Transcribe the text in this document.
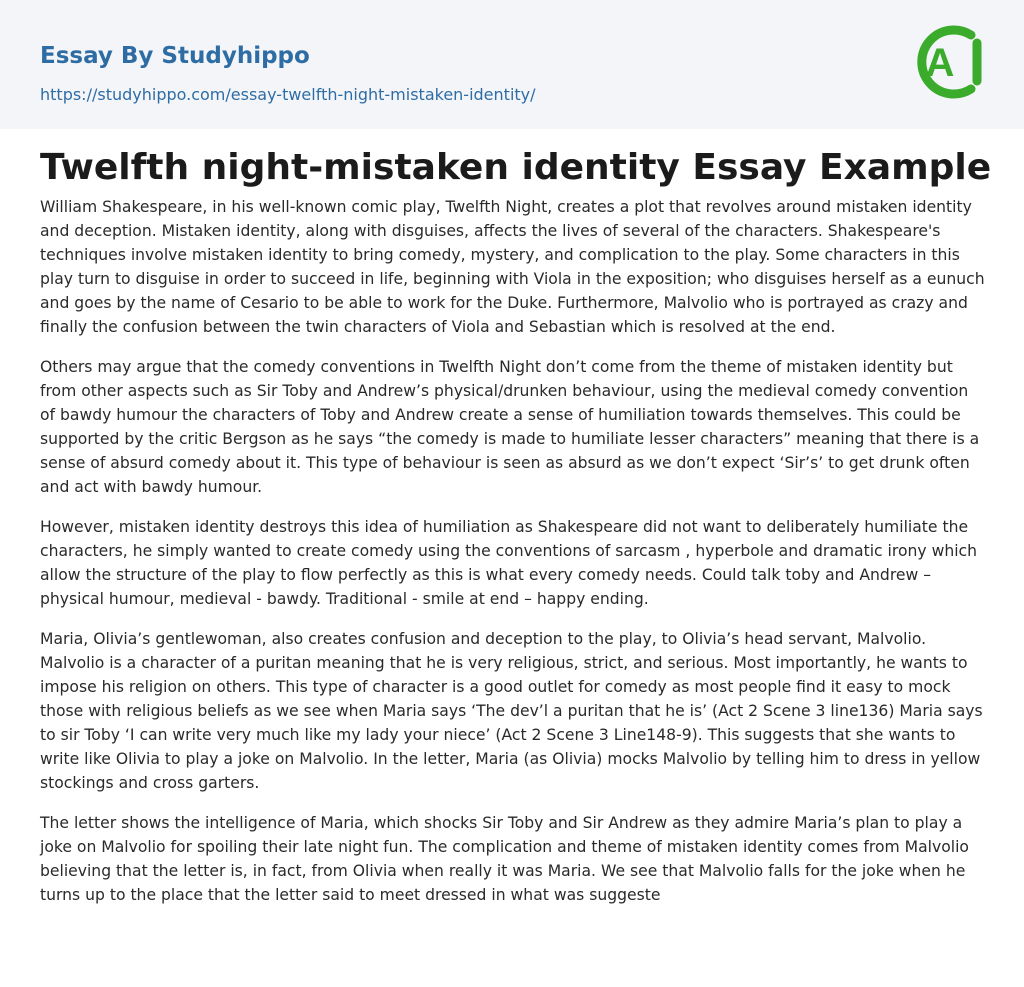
Essay By Studyhippo
https://studyhippo.com/essay-twelfth-night-mistaken-identity/
A
Twelfth night-mistaken identity Essay Example

William Shakespeare, in his well-known comic play, Twelfth Night, creates a plot that revolves around mistaken identity and deception. Mistaken identity, along with disguises, affects the lives of several of the characters. Shakespeare's techniques involve mistaken identity to bring comedy, mystery, and complication to the play. Some characters in this play turn to disguise in order to succeed in life, beginning with Viola in the exposition; who disguises herself as a eunuch and goes by the name of Cesario to be able to work for the Duke. Furthermore, Malvolio who is portrayed as crazy and finally the confusion between the twin characters of Viola and Sebastian which is resolved at the end.

Others may argue that the comedy conventions in Twelfth Night don’t come from the theme of mistaken identity but from other aspects such as Sir Toby and Andrew’s physical/drunken behaviour, using the medieval comedy convention of bawdy humour the characters of Toby and Andrew create a sense of humiliation towards themselves. This could be supported by the critic Bergson as he says “the comedy is made to humiliate lesser characters” meaning that there is a sense of absurd comedy about it. This type of behaviour is seen as absurd as we don’t expect ‘Sir’s’ to get drunk often and act with bawdy humour.

However, mistaken identity destroys this idea of humiliation as Shakespeare did not want to deliberately humiliate the characters, he simply wanted to create comedy using the conventions of sarcasm , hyperbole and dramatic irony which allow the structure of the play to flow perfectly as this is what every comedy needs. Could talk toby and Andrew – physical humour, medieval - bawdy. Traditional - smile at end – happy ending.

Maria, Olivia’s gentlewoman, also creates confusion and deception to the play, to Olivia’s head servant, Malvolio. Malvolio is a character of a puritan meaning that he is very religious, strict, and serious. Most importantly, he wants to impose his religion on others. This type of character is a good outlet for comedy as most people find it easy to mock those with religious beliefs as we see when Maria says ‘The dev’l a puritan that he is’ (Act 2 Scene 3 line136) Maria says to sir Toby ‘I can write very much like my lady your niece’ (Act 2 Scene 3 Line148-9). This suggests that she wants to write like Olivia to play a joke on Malvolio. In the letter, Maria (as Olivia) mocks Malvolio by telling him to dress in yellow stockings and cross garters.

The letter shows the intelligence of Maria, which shocks Sir Toby and Sir Andrew as they admire Maria’s plan to play a joke on Malvolio for spoiling their late night fun. The complication and theme of mistaken identity comes from Malvolio believing that the letter is, in fact, from Olivia when really it was Maria. We see that Malvolio falls for the joke when he turns up to the place that the letter said to meet dressed in what was suggeste
